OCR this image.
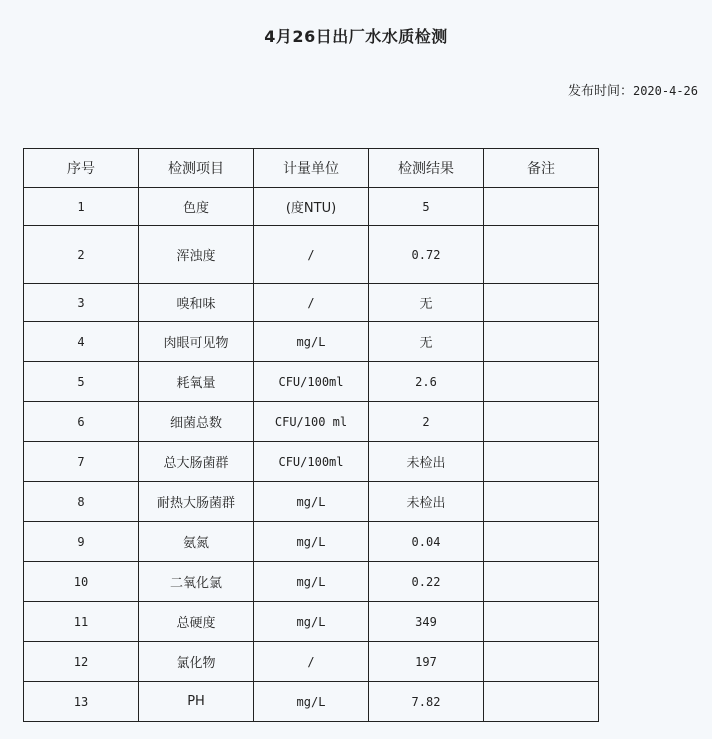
4月26日出厂水水质检测
发布时间：2020-4-26
序号	检测项目	计量单位	检测结果	备注
1	色度	(度NTU)	5	
2	浑浊度	/	0.72	
3	嗅和味	/	无	
4	肉眼可见物	mg/L	无	
5	耗氧量	CFU/100ml	2.6	
6	细菌总数	CFU/100 ml	2	
7	总大肠菌群	CFU/100ml	未检出	
8	耐热大肠菌群	mg/L	未检出	
9	氨氮	mg/L	0.04	
10	二氧化氯	mg/L	0.22	
11	总硬度	mg/L	349	
12	氯化物	/	197	
13	PH	mg/L	7.82	
